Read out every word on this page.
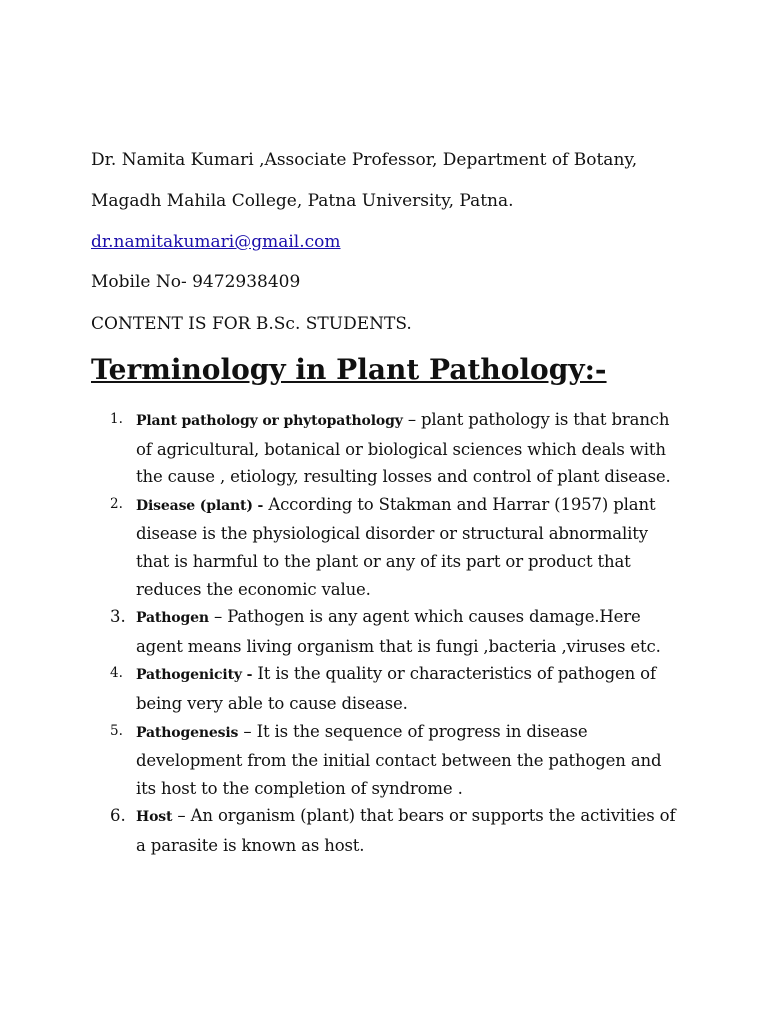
Dr. Namita Kumari ,Associate Professor, Department of Botany,
Magadh Mahila College, Patna University, Patna.
dr.namitakumari@gmail.com
Mobile No- 9472938409
CONTENT IS FOR B.Sc. STUDENTS.
Terminology in Plant Pathology:-
1. Plant pathology or phytopathology – plant pathology is that branch of agricultural, botanical or biological sciences which deals with the cause , etiology, resulting losses and control of plant disease.
2. Disease (plant) - According to Stakman and Harrar (1957) plant disease is the physiological disorder or structural abnormality that is harmful to the plant or any of its part or product that reduces the economic value.
3. Pathogen – Pathogen is any agent which causes damage.Here agent means living organism that is fungi ,bacteria ,viruses etc.
4. Pathogenicity - It is the quality or characteristics of pathogen of being very able to cause disease.
5. Pathogenesis – It is the sequence of progress in disease development from the initial contact between the pathogen and its host to the completion of syndrome .
6. Host – An organism (plant) that bears or supports the activities of a parasite is known as host.
